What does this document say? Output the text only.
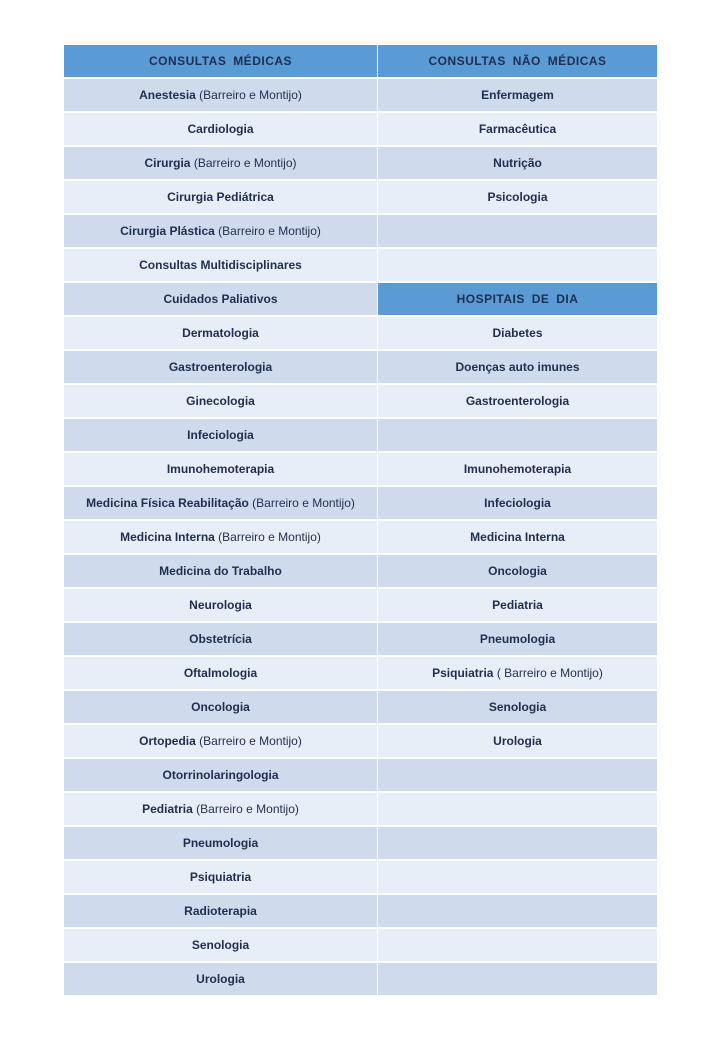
CONSULTAS MÉDICAS	CONSULTAS NÃO MÉDICAS
Anestesia (Barreiro e Montijo)	Enfermagem
Cardiologia	Farmacêutica
Cirurgia (Barreiro e Montijo)	Nutrição
Cirurgia Pediátrica	Psicologia
Cirurgia Plástica (Barreiro e Montijo)	
Consultas Multidisciplinares	
Cuidados Paliativos	HOSPITAIS DE DIA
Dermatologia	Diabetes
Gastroenterologia	Doenças auto imunes
Ginecologia	Gastroenterologia
Infeciologia	
Imunohemoterapia	Imunohemoterapia
Medicina Física Reabilitação (Barreiro e Montijo)	Infeciologia
Medicina Interna (Barreiro e Montijo)	Medicina Interna
Medicina do Trabalho	Oncologia
Neurologia	Pediatria
Obstetrícia	Pneumologia
Oftalmologia	Psiquiatria ( Barreiro e Montijo)
Oncologia	Senologia
Ortopedia (Barreiro e Montijo)	Urologia
Otorrinolaringologia	
Pediatria (Barreiro e Montijo)	
Pneumologia	
Psiquiatria	
Radioterapia	
Senologia	
Urologia	
